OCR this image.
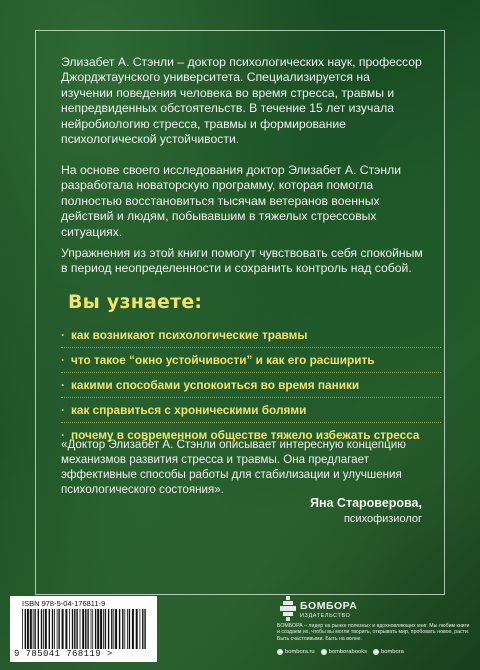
Элизабет А. Стэнли – доктор психологических наук, профессор Джорджтаунского университета. Специализируется на изучении поведения человека во время стресса, травмы и непредвиденных обстоятельств. В течение 15 лет изучала нейробиологию стресса, травмы и формирование психологической устойчивости.

На основе своего исследования доктор Элизабет А. Стэнли разработала новаторскую программу, которая помогла полностью восстановиться тысячам ветеранов военных действий и людям, побывавшим в тяжелых стрессовых ситуациях.

Упражнения из этой книги помогут чувствовать себя спокойным в период неопределенности и сохранить контроль над собой.

Вы узнаете:
· как возникают психологические травмы
· что такое “окно устойчивости” и как его расширить
· какими способами успокоиться во время паники
· как справиться с хроническими болями
· почему в современном обществе тяжело избежать стресса

«Доктор Элизабет А. Стэнли описывает интересную концепцию механизмов развития стресса и травмы. Она предлагает эффективные способы работы для стабилизации и улучшения психологического состояния».

Яна Староверова,

психофизиолог

ISBN 978-5-04-176811-9
9 785041 768119 >

БОМБОРА

ИЗДАТЕЛЬСТВО

БОМБОРА – лидер на рынке полезных и вдохновляющих книг. Мы любим книги и создаем их, чтобы вы могли творить, открывать мир, пробовать новое, расти. Быть счастливыми. Быть на волне.

bombora.ru bomborabooks bombora
